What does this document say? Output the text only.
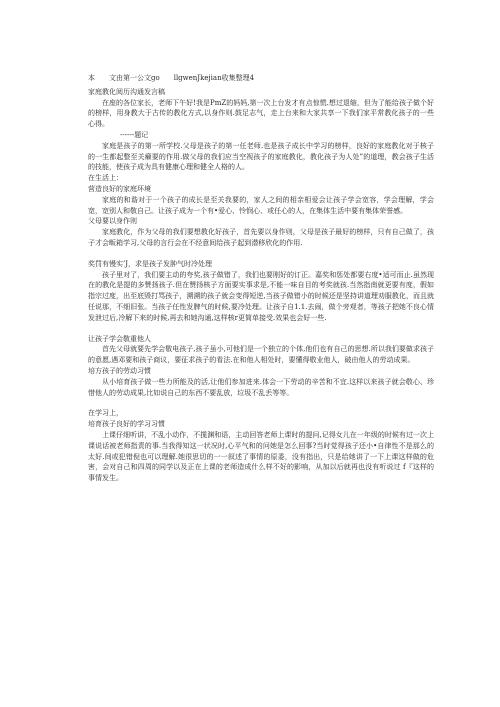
本 文由第一公文go llgwenJkejian收集整理4

家庭教化阅历沟通发言稿

在座的各位家长，老师下午好!我是PmZ的妈妈,第一次上台发才有点惊慌.想过退缩，但为了能给孩子做个好的榜样，用身教大于古传的教化方式,以身作则.鼓足志气，走上台来和大家共享一下我们家平常教化孩子的一些心得。

------题记

家庭是孩子的第一所学校.父母是孩子的第一任老师.也是孩子成长中学习的榜样，良好的家庭教化对于核子的一生都起整至关癞要的作用.做父母的我们应当空视孩子的家庭教化，教化孩子为人处”的道理，教会孩子生活的技能，使孩子成为具有健康心理和健全人格的人。

在生活上：

营造良好的家庭环境

家庭的和谐对于一个孩子的成长是至关我要的，家人之间的相亲相爱会让孩子学会宽容，学会理解，学会宽，宽别人和敬自己。让孩子成为一个有•爱心、怜悯心、或任心的人，在集体生活中要有集体荣誉感。

父母要以身作则

家庭教化，作为父母的我们要想教化好孩子，首先要以身作则，父母是孩子最好的榜样，只有自己做了，孩子才会畈箱学习,父母的言行会在不经意间给孩子起到潜移欣化的作用.

奖罚有慢实’J，求是孩子发肿气时冷处理

孩子里对了，我们要主动的夸奖,孩子做错了，我们也要刚好的订正。嘉奖和惩处都要右度•适可而止.虽然现在的教化是提的多赞扬孩子.但在赞扬核子方面要实事求是,不能一味自目的考奖就孩.当然指南就更要有度，假如指宗过度，出至底毁打骂孩子，溯溯的孩子就会变得短逆,当孩子做错小的时候还是坚持讲道理劝服教化，而且就任说那，不细旧张。当孩子任性发脾气的时候,要冷处理。让孩子自1.1.去闹，做个旁观者，等孩子把她不良心情发泄过后,冷解下来的时候,再去和她沟通,这样核r更简单接受.效果也会好一些.

让孩子学会敬重他人

首先父母就要先学会敬电孩子,孩子虽小,可他们是一个独立的个体,他们也有自己的思想.所以我们要做求孩子的意愿,遇邓要和孩子商议，要征求孩子的看法.在和他人相处时，要懂得敬业他人，破由他人的劳动成果。

培方孩子的劳动习惯

从小培育孩子做一些力所能及的活,让他们参加进来.体会一下劳动的辛苦和不宜.这样以来孩子就会敬心、珍惜他人的劳动成果,比如说自己的东西不要乱放，垃圾不乱丢等等。

在学习上，

培育孩子良好的学习习惯

上课仔细听讲，不乱小动作，不揽渊和语，主动回答老师上课时的提问,记得女儿在一年级的时候有过一次上课说话被老师指责的事.当我得知这一状况时,心平气和的问她是怎么回事?当时觉得孩子还小•自律性不是那么的太好.间或犯错倪也可以理解.她很思切的一一叙述了事情的原委，没有指出，只是给她讲了一下上课这样做的危害，会对自己和四周的同学以及正在上课的老师造成什么样不好的影响，从加以后就再也没有听说过 f『这样的事情发生。
